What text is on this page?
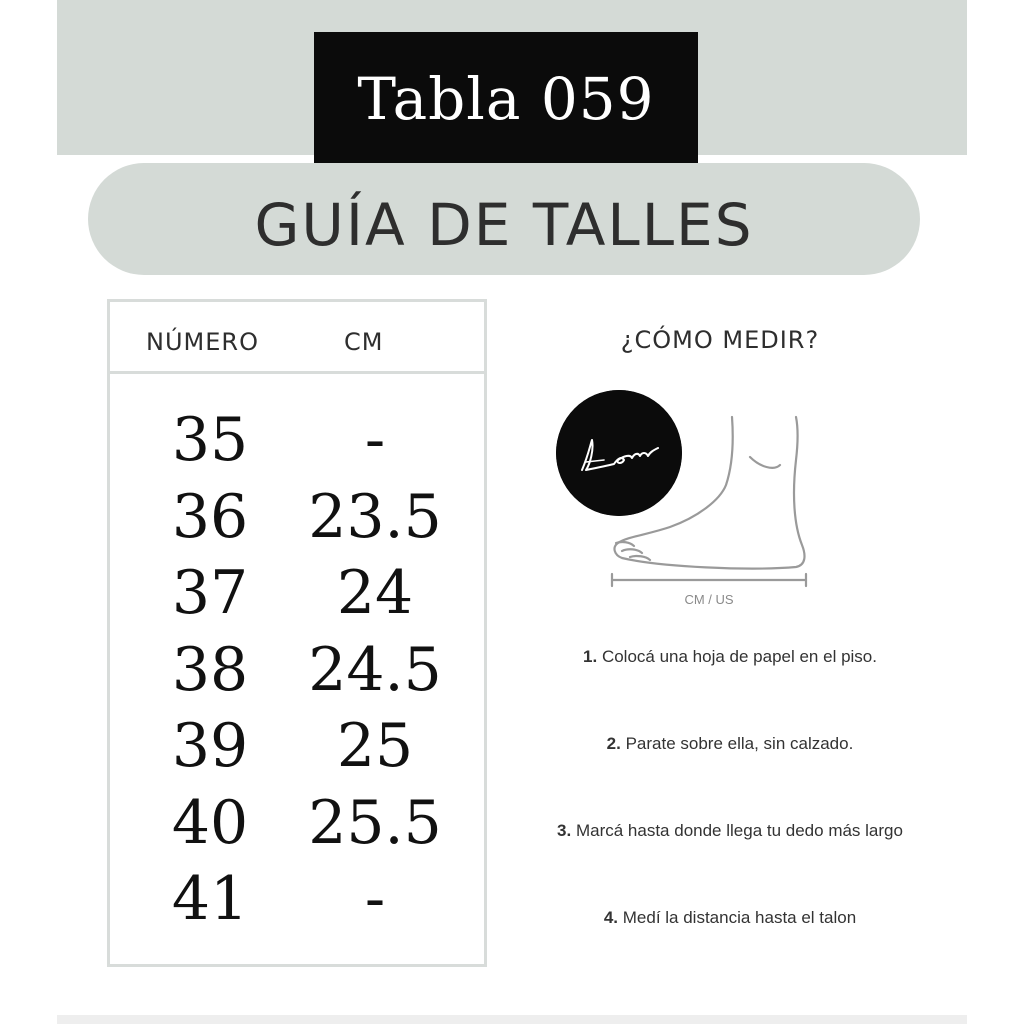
Tabla 059
GUÍA DE TALLES
NÚMERO	CM
35	-
36	23.5
37	24
38	24.5
39	25
40	25.5
41	-
¿CÓMO MEDIR?
CM / US
1. Colocá una hoja de papel en el piso.
2. Parate sobre ella, sin calzado.
3. Marcá hasta donde llega tu dedo más largo
4. Medí la distancia hasta el talon
